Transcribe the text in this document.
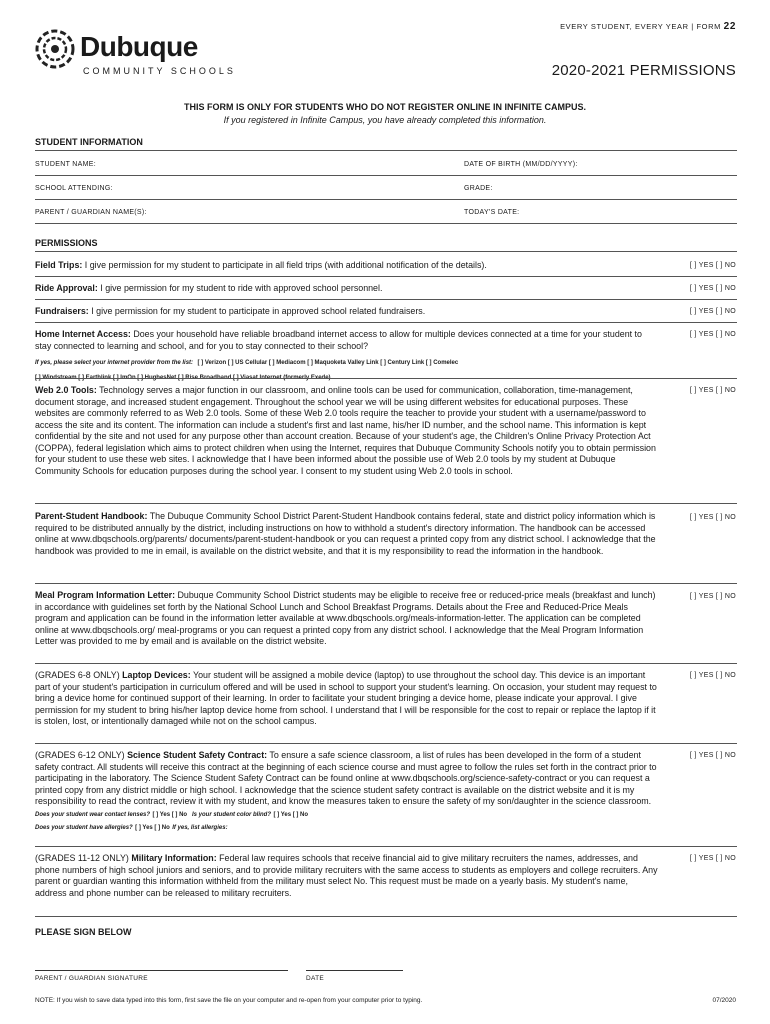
EVERY STUDENT, EVERY YEAR | FORM 22
Dubuque
COMMUNITY SCHOOLS	2020-2021 PERMISSIONS
THIS FORM IS ONLY FOR STUDENTS WHO DO NOT REGISTER ONLINE IN INFINITE CAMPUS.
If you registered in Infinite Campus, you have already completed this information.
STUDENT INFORMATION
STUDENT NAME:	DATE OF BIRTH (MM/DD/YYYY):
SCHOOL ATTENDING:	GRADE:
PARENT / GUARDIAN NAME(S):	TODAY'S DATE:
PERMISSIONS
Field Trips: I give permission for my student to participate in all field trips (with additional notification of the details).	[ ] YES [ ] NO
Ride Approval: I give permission for my student to ride with approved school personnel.	[ ] YES [ ] NO
Fundraisers: I give permission for my student to participate in approved school related fundraisers.	[ ] YES [ ] NO
Home Internet Access: Does your household have reliable broadband internet access to allow for multiple devices connected at a time for your student to stay connected to learning and school, and for you to stay connected to their school?
[ ] YES [ ] NO
If yes, please select your internet provider from the list: [ ] Verizon [ ] US Cellular [ ] Mediacom [ ] Maquoketa Valley Link [ ] Century Link [ ] Comelec
[ ] Windstream [ ] Earthlink [ ] ImOn [ ] HughesNet [ ] Rise Broadband [ ] Viasat Internet (formerly Exede)
Web 2.0 Tools: Technology serves a major function in our classroom, and online tools can be used for communication, collaboration, time-management, document storage, and increased student engagement. Throughout the school year we will be using different websites for educational purposes. These websites are commonly referred to as Web 2.0 tools. Some of these Web 2.0 tools require the teacher to provide your student with a username/password to access the site and its content. The information can include a student's first and last name, his/her ID number, and the school name. This information is kept confidential by the site and not used for any purpose other than account creation. Because of your student's age, the Children's Online Privacy Protection Act (COPPA), federal legislation which aims to protect children when using the Internet, requires that Dubuque Community Schools notify you to obtain permission for your student to use these web sites. I acknowledge that I have been informed about the possible use of Web 2.0 tools by my student at Dubuque Community Schools for education purposes during the school year. I consent to my student using Web 2.0 tools in school.
[ ] YES [ ] NO
Parent-Student Handbook: The Dubuque Community School District Parent-Student Handbook contains federal, state and district policy information which is required to be distributed annually by the district, including instructions on how to withhold a student's directory information. The handbook can be accessed online at www.dbqschools.org/parents/ documents/parent-student-handbook or you can request a printed copy from any district school. I acknowledge that the handbook was provided to me in email, is available on the district website, and that it is my responsibility to read the information in the handbook.
[ ] YES [ ] NO
Meal Program Information Letter: Dubuque Community School District students may be eligible to receive free or reduced-price meals (breakfast and lunch) in accordance with guidelines set forth by the National School Lunch and School Breakfast Programs. Details about the Free and Reduced-Price Meals program and application can be found in the information letter available at www.dbqschools.org/meals-information-letter. The application can be completed online at www.dbqschools.org/ meal-programs or you can request a printed copy from any district school. I acknowledge that the Meal Program Information Letter was provided to me by email and is available on the district website.
[ ] YES [ ] NO
(GRADES 6-8 ONLY) Laptop Devices: Your student will be assigned a mobile device (laptop) to use throughout the school day. This device is an important part of your student's participation in curriculum offered and will be used in school to support your student's learning. On occasion, your student may request to bring a device home for continued support of their learning. In order to facilitate your student bringing a device home, please indicate your approval. I give permission for my student to bring his/her laptop device home from school. I understand that I will be responsible for the cost to repair or replace the laptop if it is stolen, lost, or intentionally damaged while not on the school campus.
[ ] YES [ ] NO
(GRADES 6-12 ONLY) Science Student Safety Contract: To ensure a safe science classroom, a list of rules has been developed in the form of a student safety contract. All students will receive this contract at the beginning of each science course and must agree to follow the rules set forth in the contract prior to participating in the laboratory. The Science Student Safety Contract can be found online at www.dbqschools.org/science-safety-contract or you can request a printed copy from any district middle or high school. I acknowledge that the science student safety contract is available on the district website and it is my responsibility to read the contract, review it with my student, and know the measures taken to ensure the safety of my son/daughter in the science classroom. Does your student wear contact lenses? [ ] Yes [ ] No Is your student color blind? [ ] Yes [ ] No
Does your student have allergies? [ ] Yes [ ] No If yes, list allergies:
[ ] YES [ ] NO
(GRADES 11-12 ONLY) Military Information: Federal law requires schools that receive financial aid to give military recruiters the names, addresses, and phone numbers of high school juniors and seniors, and to provide military recruiters with the same access to students as employers and college recruiters. Any parent or guardian wanting this information withheld from the military must select No. This request must be made on a yearly basis. My student's name, address and phone number can be released to military recruiters.
[ ] YES [ ] NO
PLEASE SIGN BELOW
PARENT / GUARDIAN SIGNATURE	DATE
NOTE: If you wish to save data typed into this form, first save the file on your computer and re-open from your computer prior to typing.	07/2020
